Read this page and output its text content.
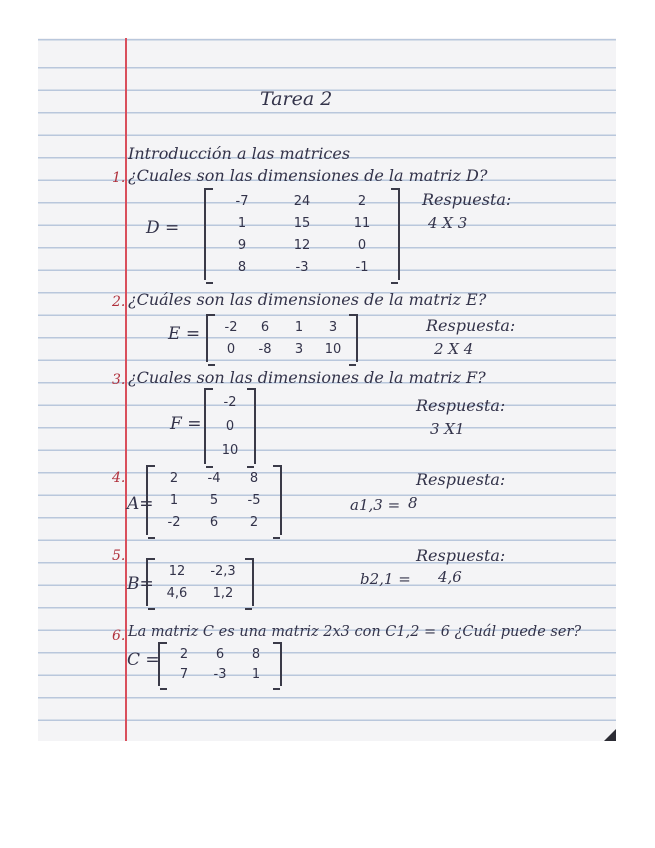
Tarea 2
Introducción a las matrices
1. ¿Cuales son las dimensiones de la matriz D?
D =
-7	24	2
1	15	11
9	12	0
8	-3	-1
Respuesta:
4 X 3
2. ¿Cuáles son las dimensiones de la matriz E?
E =	-2	6	1	3
0	-8	3	10
Respuesta:
2 X 4
3. ¿Cuales son las dimensiones de la matriz F?
F =
-2
0
10
Respuesta:
3 X1
4.
A=
2	-4	8
1	5	-5
-2	6	2
Respuesta:
a1,3 = 8
5.
B=
12	-2,3
4,6	1,2
Respuesta:
b2,1 = 4,6
6. La matriz C es una matriz 2x3 con C1,2 = 6 ¿Cuál puede ser?
C =	2	6	8
7	-3	1
